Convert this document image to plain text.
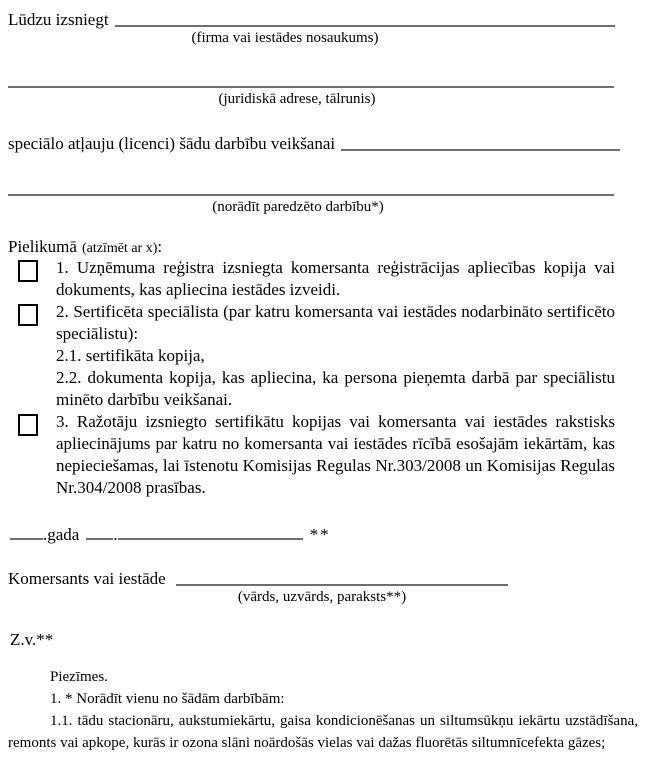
Lūdzu izsniegt
(firma vai iestādes nosaukums)
(juridiskā adrese, tālrunis)
speciālo atļauju (licenci) šādu darbību veikšanai
(norādīt paredzēto darbību*)
Pielikumā (atzīmēt ar x):
1. Uzņēmuma reģistra izsniegta komersanta reģistrācijas apliecības kopija vai dokuments, kas apliecina iestādes izveidi.
2. Sertificēta speciālista (par katru komersanta vai iestādes nodarbināto sertificēto speciālistu):
2.1. sertifikāta kopija,
2.2. dokumenta kopija, kas apliecina, ka persona pieņemta darbā par speciālistu minēto darbību veikšanai.
3. Ražotāju izsniegto sertifikātu kopijas vai komersanta vai iestādes rakstisks apliecinājums par katru no komersanta vai iestādes rīcībā esošajām iekārtām, kas nepieciešamas, lai īstenotu Komisijas Regulas Nr.303/2008 un Komisijas Regulas Nr.304/2008 prasības.
.gada .	**
Komersants vai iestāde
(vārds, uzvārds, paraksts**)
Z.v.**

Piezīmes.

1. * Norādīt vienu no šādām darbībām:

1.1. tādu stacionāru, aukstumiekārtu, gaisa kondicionēšanas un siltumsūkņu iekārtu uzstādīšana, remonts vai apkope, kurās ir ozona slāni noārdošās vielas vai dažas fluorētās siltumnīcefekta gāzes;
